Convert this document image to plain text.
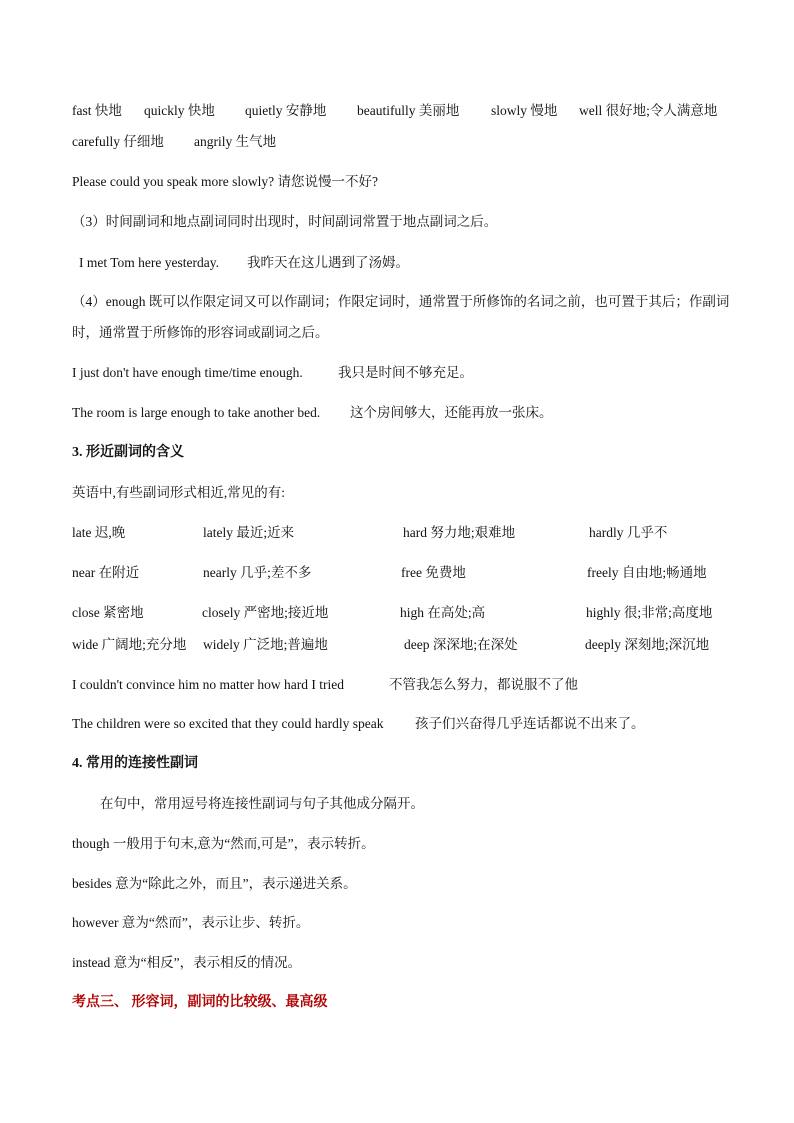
fast 快地 quickly 快地 quietly 安静地 beautifully 美丽地 slowly 慢地 well 很好地;令人满意地
carefully 仔细地 angrily 生气地
Please could you speak more slowly? 请您说慢一不好?
（3）时间副词和地点副词同时出现时，时间副词常置于地点副词之后。
I met Tom here yesterday. 我昨天在这儿遇到了汤姆。
（4）enough 既可以作限定词又可以作副词；作限定词时，通常置于所修饰的名词之前，也可置于其后；作副词时，通常置于所修饰的形容词或副词之后。
I just don't have enough time/time enough.	我只是时间不够充足。
The room is large enough to take another bed. 这个房间够大，还能再放一张床。
3. 形近副词的含义
英语中,有些副词形式相近,常见的有:
late 迟,晚	lately 最近;近来	hard 努力地;艰难地	hardly 几乎不
near 在附近	nearly 几乎;差不多	free 免费地	freely 自由地;畅通地
close 紧密地	closely 严密地;接近地	high 在高处;高	highly 很;非常;高度地
wide 广阔地;充分地 widely 广泛地;普遍地	deep 深深地;在深处	deeply 深刻地;深沉地
I couldn't convince him no matter how hard I tried	不管我怎么努力，都说服不了他
The children were so excited that they could hardly speak 孩子们兴奋得几乎连话都说不出来了。
4. 常用的连接性副词
在句中，常用逗号将连接性副词与句子其他成分隔开。
though 一般用于句末,意为“然而,可是”，表示转折。
besides 意为“除此之外，而且”，表示递进关系。
however 意为“然而”，表示让步、转折。
instead 意为“相反”，表示相反的情况。
考点三、 形容词，副词的比较级、最高级
